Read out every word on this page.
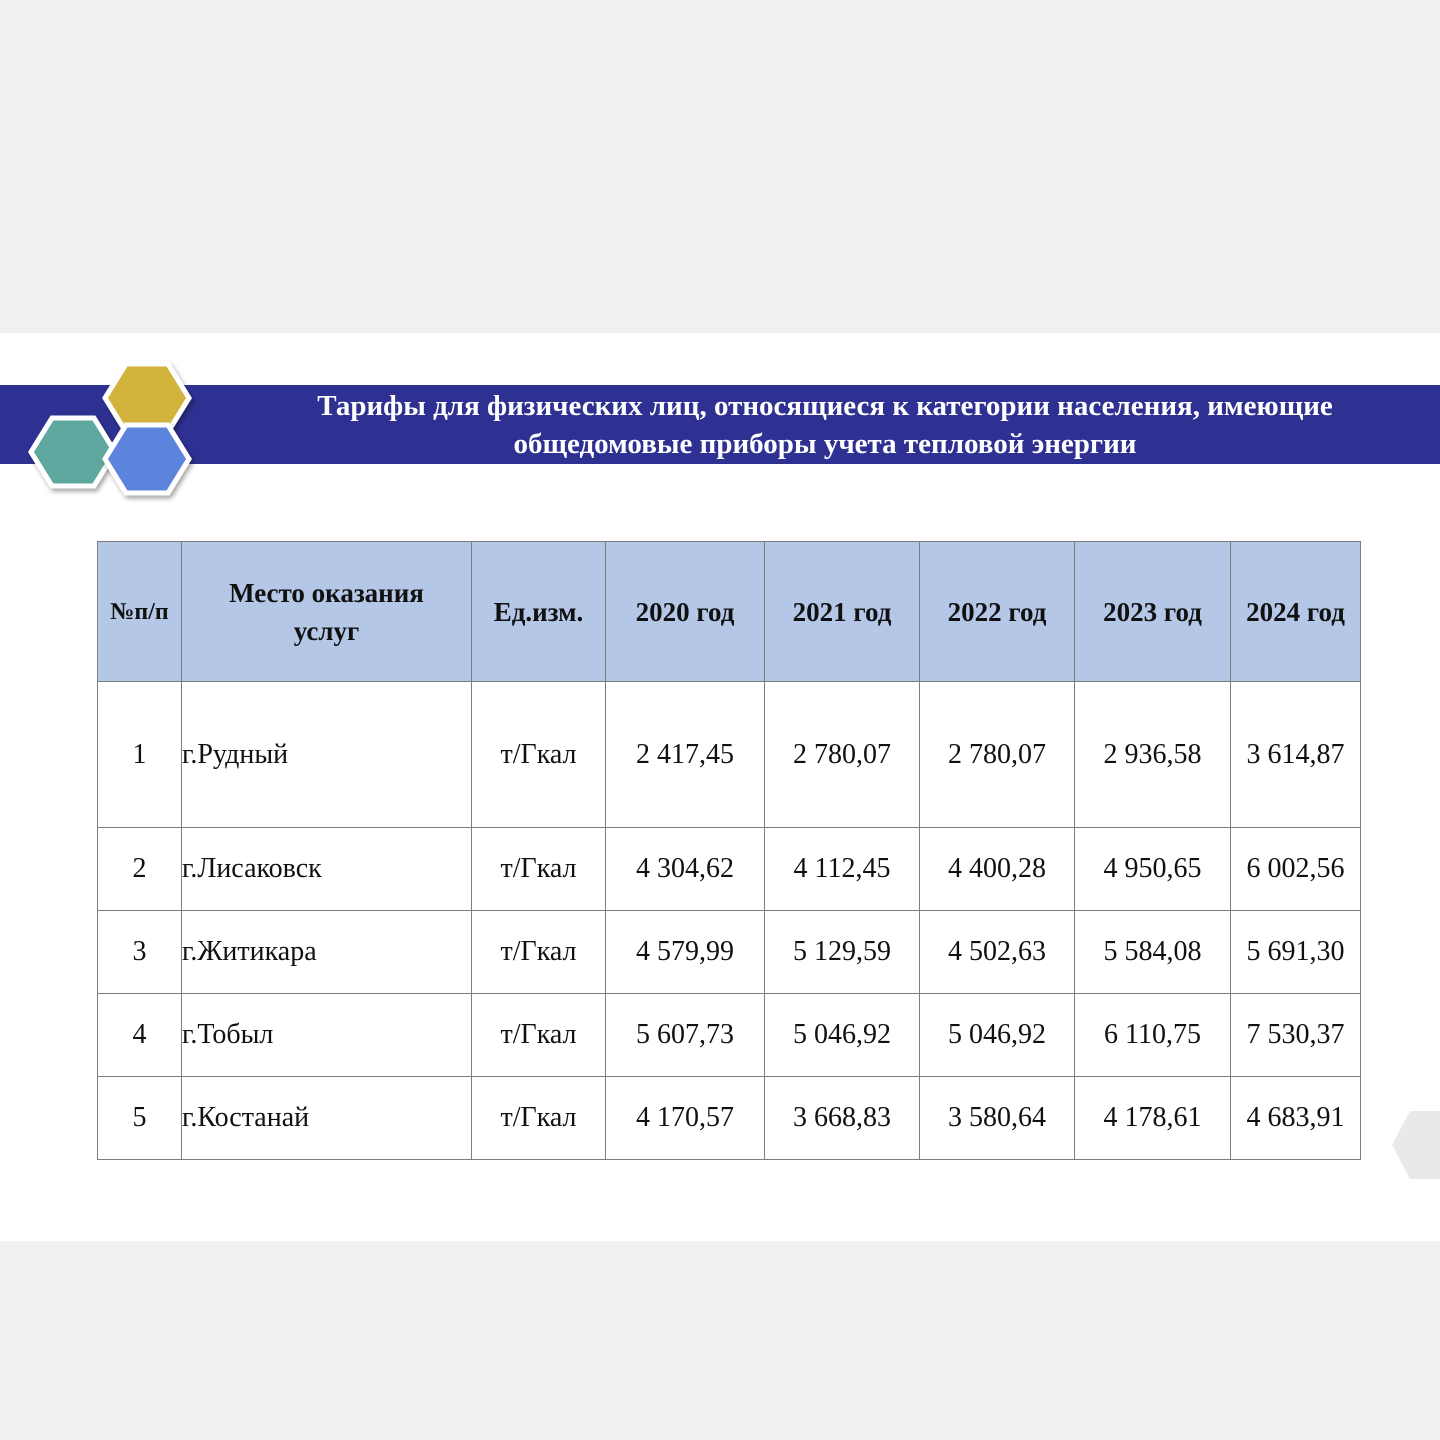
Тарифы для физических лиц, относящиеся к категории населения, имеющие
общедомовые приборы учета тепловой энергии
№п/п	Место оказания услуг	Ед.изм.	2020 год	2021 год	2022 год	2023 год	2024 год
1	г.Рудный	т/Гкал	2 417,45	2 780,07	2 780,07	2 936,58	3 614,87
2	г.Лисаковск	т/Гкал	4 304,62	4 112,45	4 400,28	4 950,65	6 002,56
3	г.Житикара	т/Гкал	4 579,99	5 129,59	4 502,63	5 584,08	5 691,30
4	г.Тобыл	т/Гкал	5 607,73	5 046,92	5 046,92	6 110,75	7 530,37
5	г.Костанай	т/Гкал	4 170,57	3 668,83	3 580,64	4 178,61	4 683,91
